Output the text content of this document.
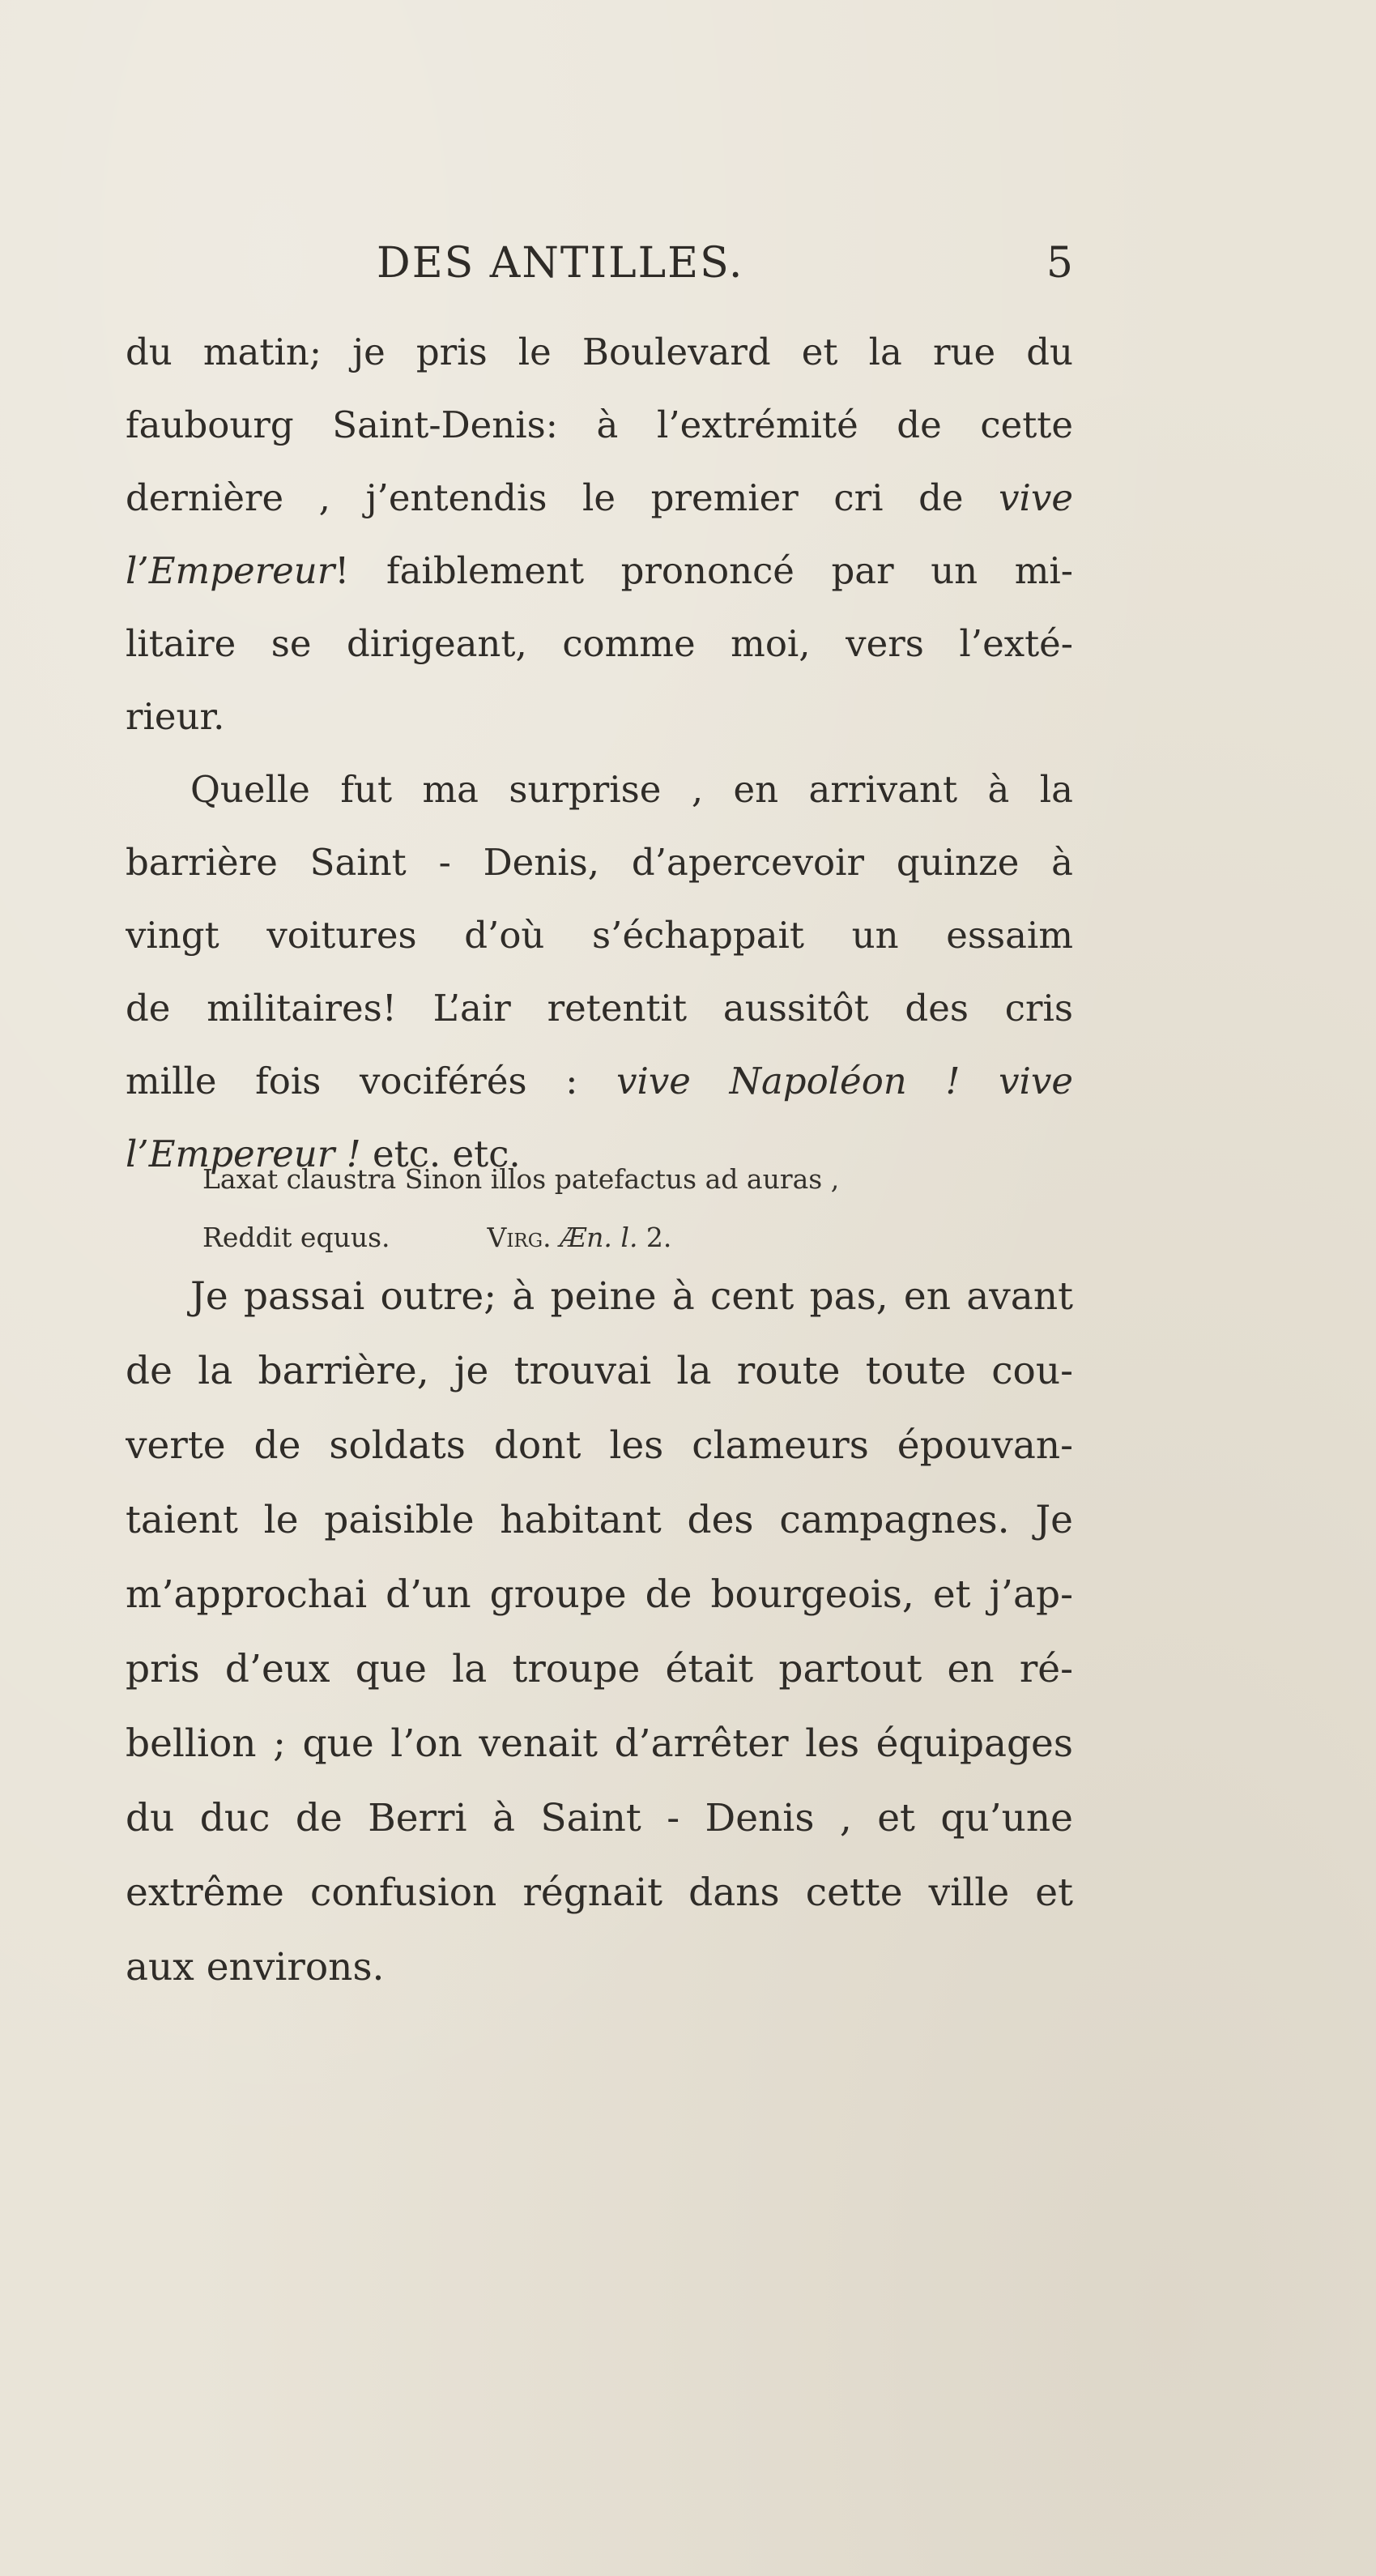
DES ANTILLES.	5
du matin; je pris le Boulevard et la rue du
faubourg Saint-Denis: à l’extrémité de cette
dernière , j’entendis le premier cri de vive
l’Empereur! faiblement prononcé par un mi-
litaire se dirigeant, comme moi, vers l’exté-
rieur.
Quelle fut ma surprise , en arrivant à la
barrière Saint - Denis, d’apercevoir quinze à
vingt voitures d’où s’échappait un essaim
de militaires! L’air retentit aussitôt des cris
mille fois vociférés : vive Napoléon ! vive
l’Empereur ! etc. etc.
Laxat claustra Sinon illos patefactus ad auras ,
Reddit equus.	Virg. Æn. l. 2.
Je passai outre; à peine à cent pas, en avant
de la barrière, je trouvai la route toute cou-
verte de soldats dont les clameurs épouvan-
taient le paisible habitant des campagnes. Je
m’approchai d’un groupe de bourgeois, et j’ap-
pris d’eux que la troupe était partout en ré-
bellion ; que l’on venait d’arrêter les équipages
du duc de Berri à Saint - Denis , et qu’une
extrême confusion régnait dans cette ville et
aux environs.
